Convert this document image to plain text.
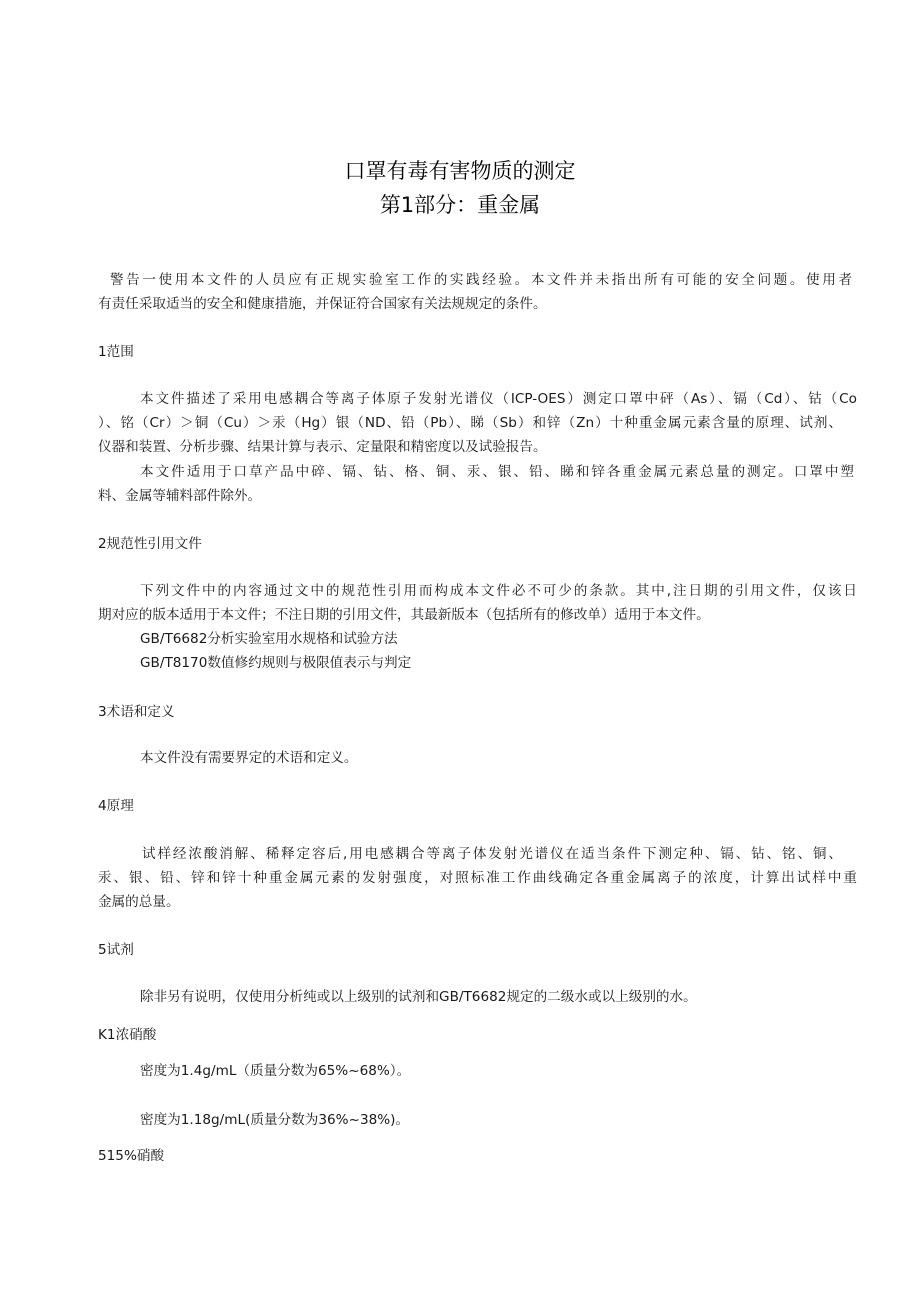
口罩有毒有害物质的测定
第1部分：重金属
警告一使用本文件的人员应有正规实验室工作的实践经验。本文件并未指出所有可能的安全问题。使用者
有责任采取适当的安全和健康措施，并保证符合国家有关法规规定的条件。
1范围
本文件描述了采用电感耦合等离子体原子发射光谱仪（ICP-OES）测定口罩中砰（As）、镉（Cd）、钴（Co
）、铭（Cr）＞铜（Cu）＞汞（Hg）银（ND、铅（Pb）、睇（Sb）和锌（Zn）十种重金属元素含量的原理、试剂、
仪器和装置、分析步骤、结果计算与表示、定量限和精密度以及试验报告。
本文件适用于口草产品中碎、镉、钻、格、铜、汞、银、铅、睇和锌各重金属元素总量的测定。口罩中塑
料、金属等辅料部件除外。
2规范性引用文件
下列文件中的内容通过文中的规范性引用而构成本文件必不可少的条款。其中,注日期的引用文件，仅该日
期对应的版本适用于本文件；不注日期的引用文件，其最新版本（包括所有的修改单）适用于本文件。
GB/T6682分析实验室用水规格和试验方法
GB/T8170数值修约规则与极限值表示与判定
3术语和定义
本文件没有需要界定的术语和定义。
4原理
试样经浓酸消解、稀释定容后,用电感耦合等离子体发射光谱仪在适当条件下测定种、镉、钻、铭、铜、
汞、银、铅、锌和锌十种重金属元素的发射强度，对照标准工作曲线确定各重金属离子的浓度，计算出试样中重
金属的总量。
5试剂
除非另有说明，仅使用分析纯或以上级别的试剂和GB/T6682规定的二级水或以上级别的水。
K1浓硝酸
密度为1.4g/mL（质量分数为65%~68%）。
密度为1.18g/mL(质量分数为36%~38%)。
515%硝酸
